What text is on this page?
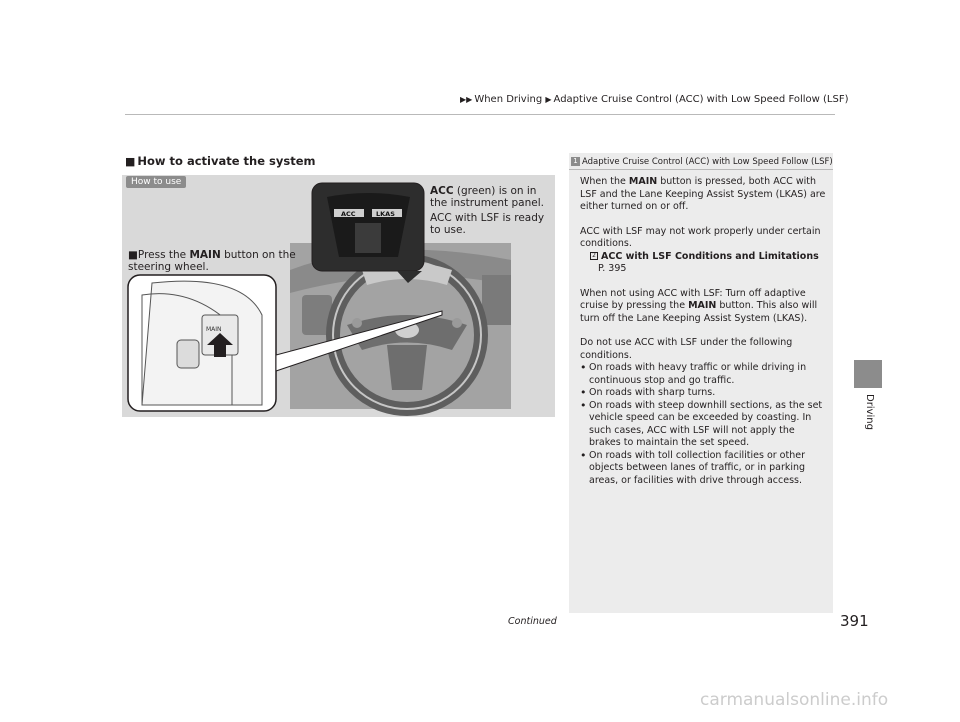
▶▶ When Driving ▶ Adaptive Cruise Control (ACC) with Low Speed Follow (LSF)
■ How to activate the system
MAIN
ACC	LKAS
How to use
■Press the MAIN button on the steering wheel.

ACC (green) is on in the instrument panel.

ACC with LSF is ready to use.

1 Adaptive Cruise Control (ACC) with Low Speed Follow (LSF)

When the MAIN button is pressed, both ACC with LSF and the Lane Keeping Assist System (LKAS) are either turned on or off.

ACC with LSF may not work properly under certain conditions.

2 ACC with LSF Conditions and Limitations
P. 395

When not using ACC with LSF: Turn off adaptive cruise by pressing the MAIN button. This also will turn off the Lane Keeping Assist System (LKAS).

Do not use ACC with LSF under the following conditions.

• On roads with heavy traffic or while driving in continuous stop and go traffic.
• On roads with sharp turns.
• On roads with steep downhill sections, as the set vehicle speed can be exceeded by coasting. In such cases, ACC with LSF will not apply the brakes to maintain the set speed.
• On roads with toll collection facilities or other objects between lanes of traffic, or in parking areas, or facilities with drive through access.
Driving
Continued	391
carmanualsonline.info
